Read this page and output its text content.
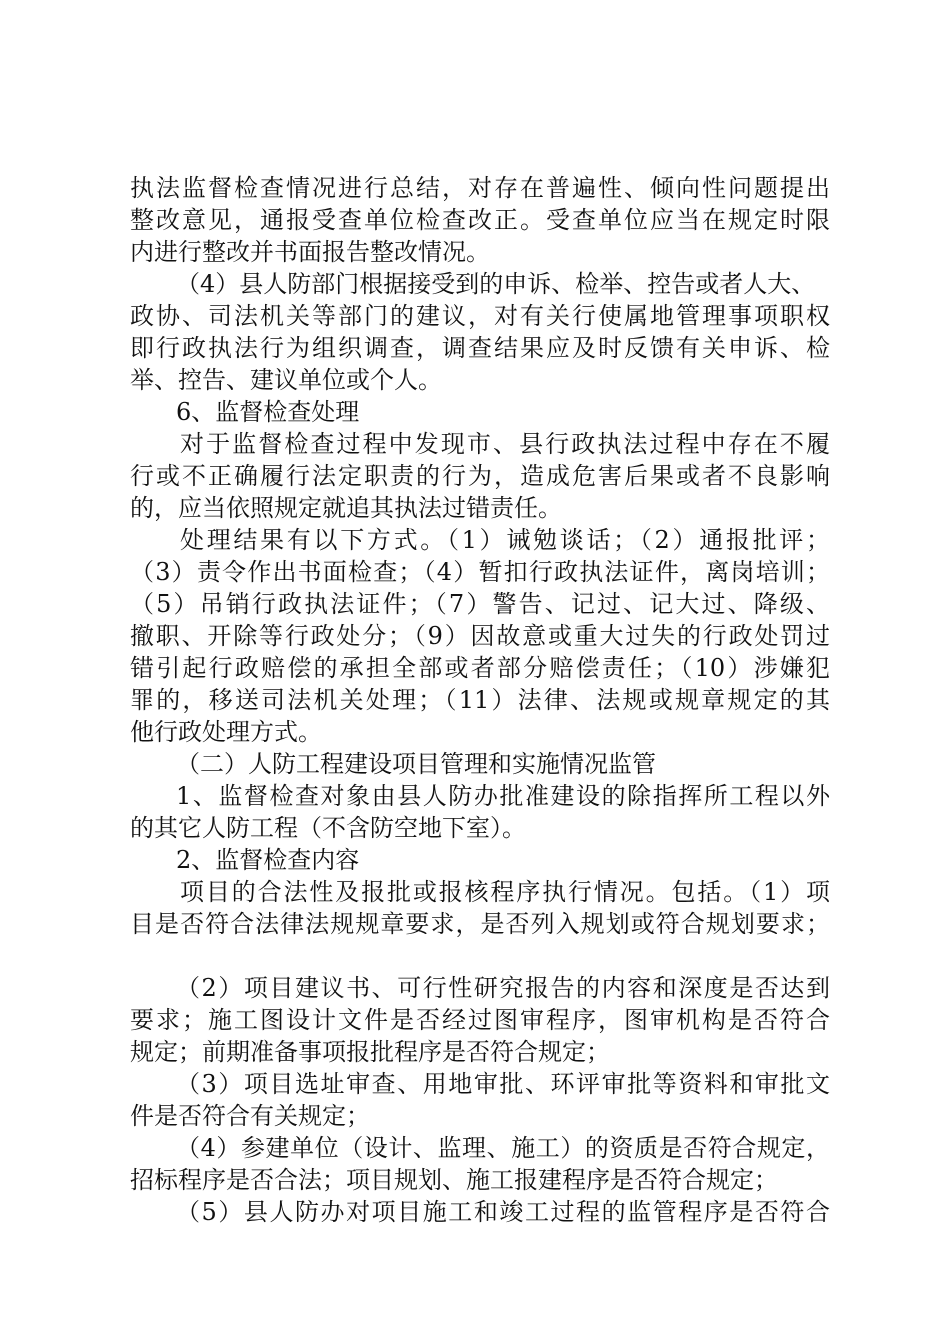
执法监督检查情况进行总结，对存在普遍性、倾向性问题提出
整改意见，通报受查单位检查改正。受查单位应当在规定时限
内进行整改并书面报告整改情况。
（4）县人防部门根据接受到的申诉、检举、控告或者人大、
政协、司法机关等部门的建议，对有关行使属地管理事项职权
即行政执法行为组织调查，调查结果应及时反馈有关申诉、检
举、控告、建议单位或个人。
6、监督检查处理
对于监督检查过程中发现市、县行政执法过程中存在不履
行或不正确履行法定职责的行为，造成危害后果或者不良影响
的，应当依照规定就追其执法过错责任。
处理结果有以下方式。（1）诫勉谈话；（2）通报批评；
（3）责令作出书面检查；（4）暂扣行政执法证件，离岗培训；
（5）吊销行政执法证件；（7）警告、记过、记大过、降级、
撤职、开除等行政处分；（9）因故意或重大过失的行政处罚过
错引起行政赔偿的承担全部或者部分赔偿责任；（10）涉嫌犯
罪的，移送司法机关处理；（11）法律、法规或规章规定的其
他行政处理方式。
（二）人防工程建设项目管理和实施情况监管
1、监督检查对象由县人防办批准建设的除指挥所工程以外
的其它人防工程（不含防空地下室）。
2、监督检查内容
项目的合法性及报批或报核程序执行情况。包括。（1）项
目是否符合法律法规规章要求，是否列入规划或符合规划要求；
（2）项目建议书、可行性研究报告的内容和深度是否达到
要求；施工图设计文件是否经过图审程序，图审机构是否符合
规定；前期准备事项报批程序是否符合规定；
（3）项目选址审查、用地审批、环评审批等资料和审批文
件是否符合有关规定；
（4）参建单位（设计、监理、施工）的资质是否符合规定，
招标程序是否合法；项目规划、施工报建程序是否符合规定；
（5）县人防办对项目施工和竣工过程的监管程序是否符合
